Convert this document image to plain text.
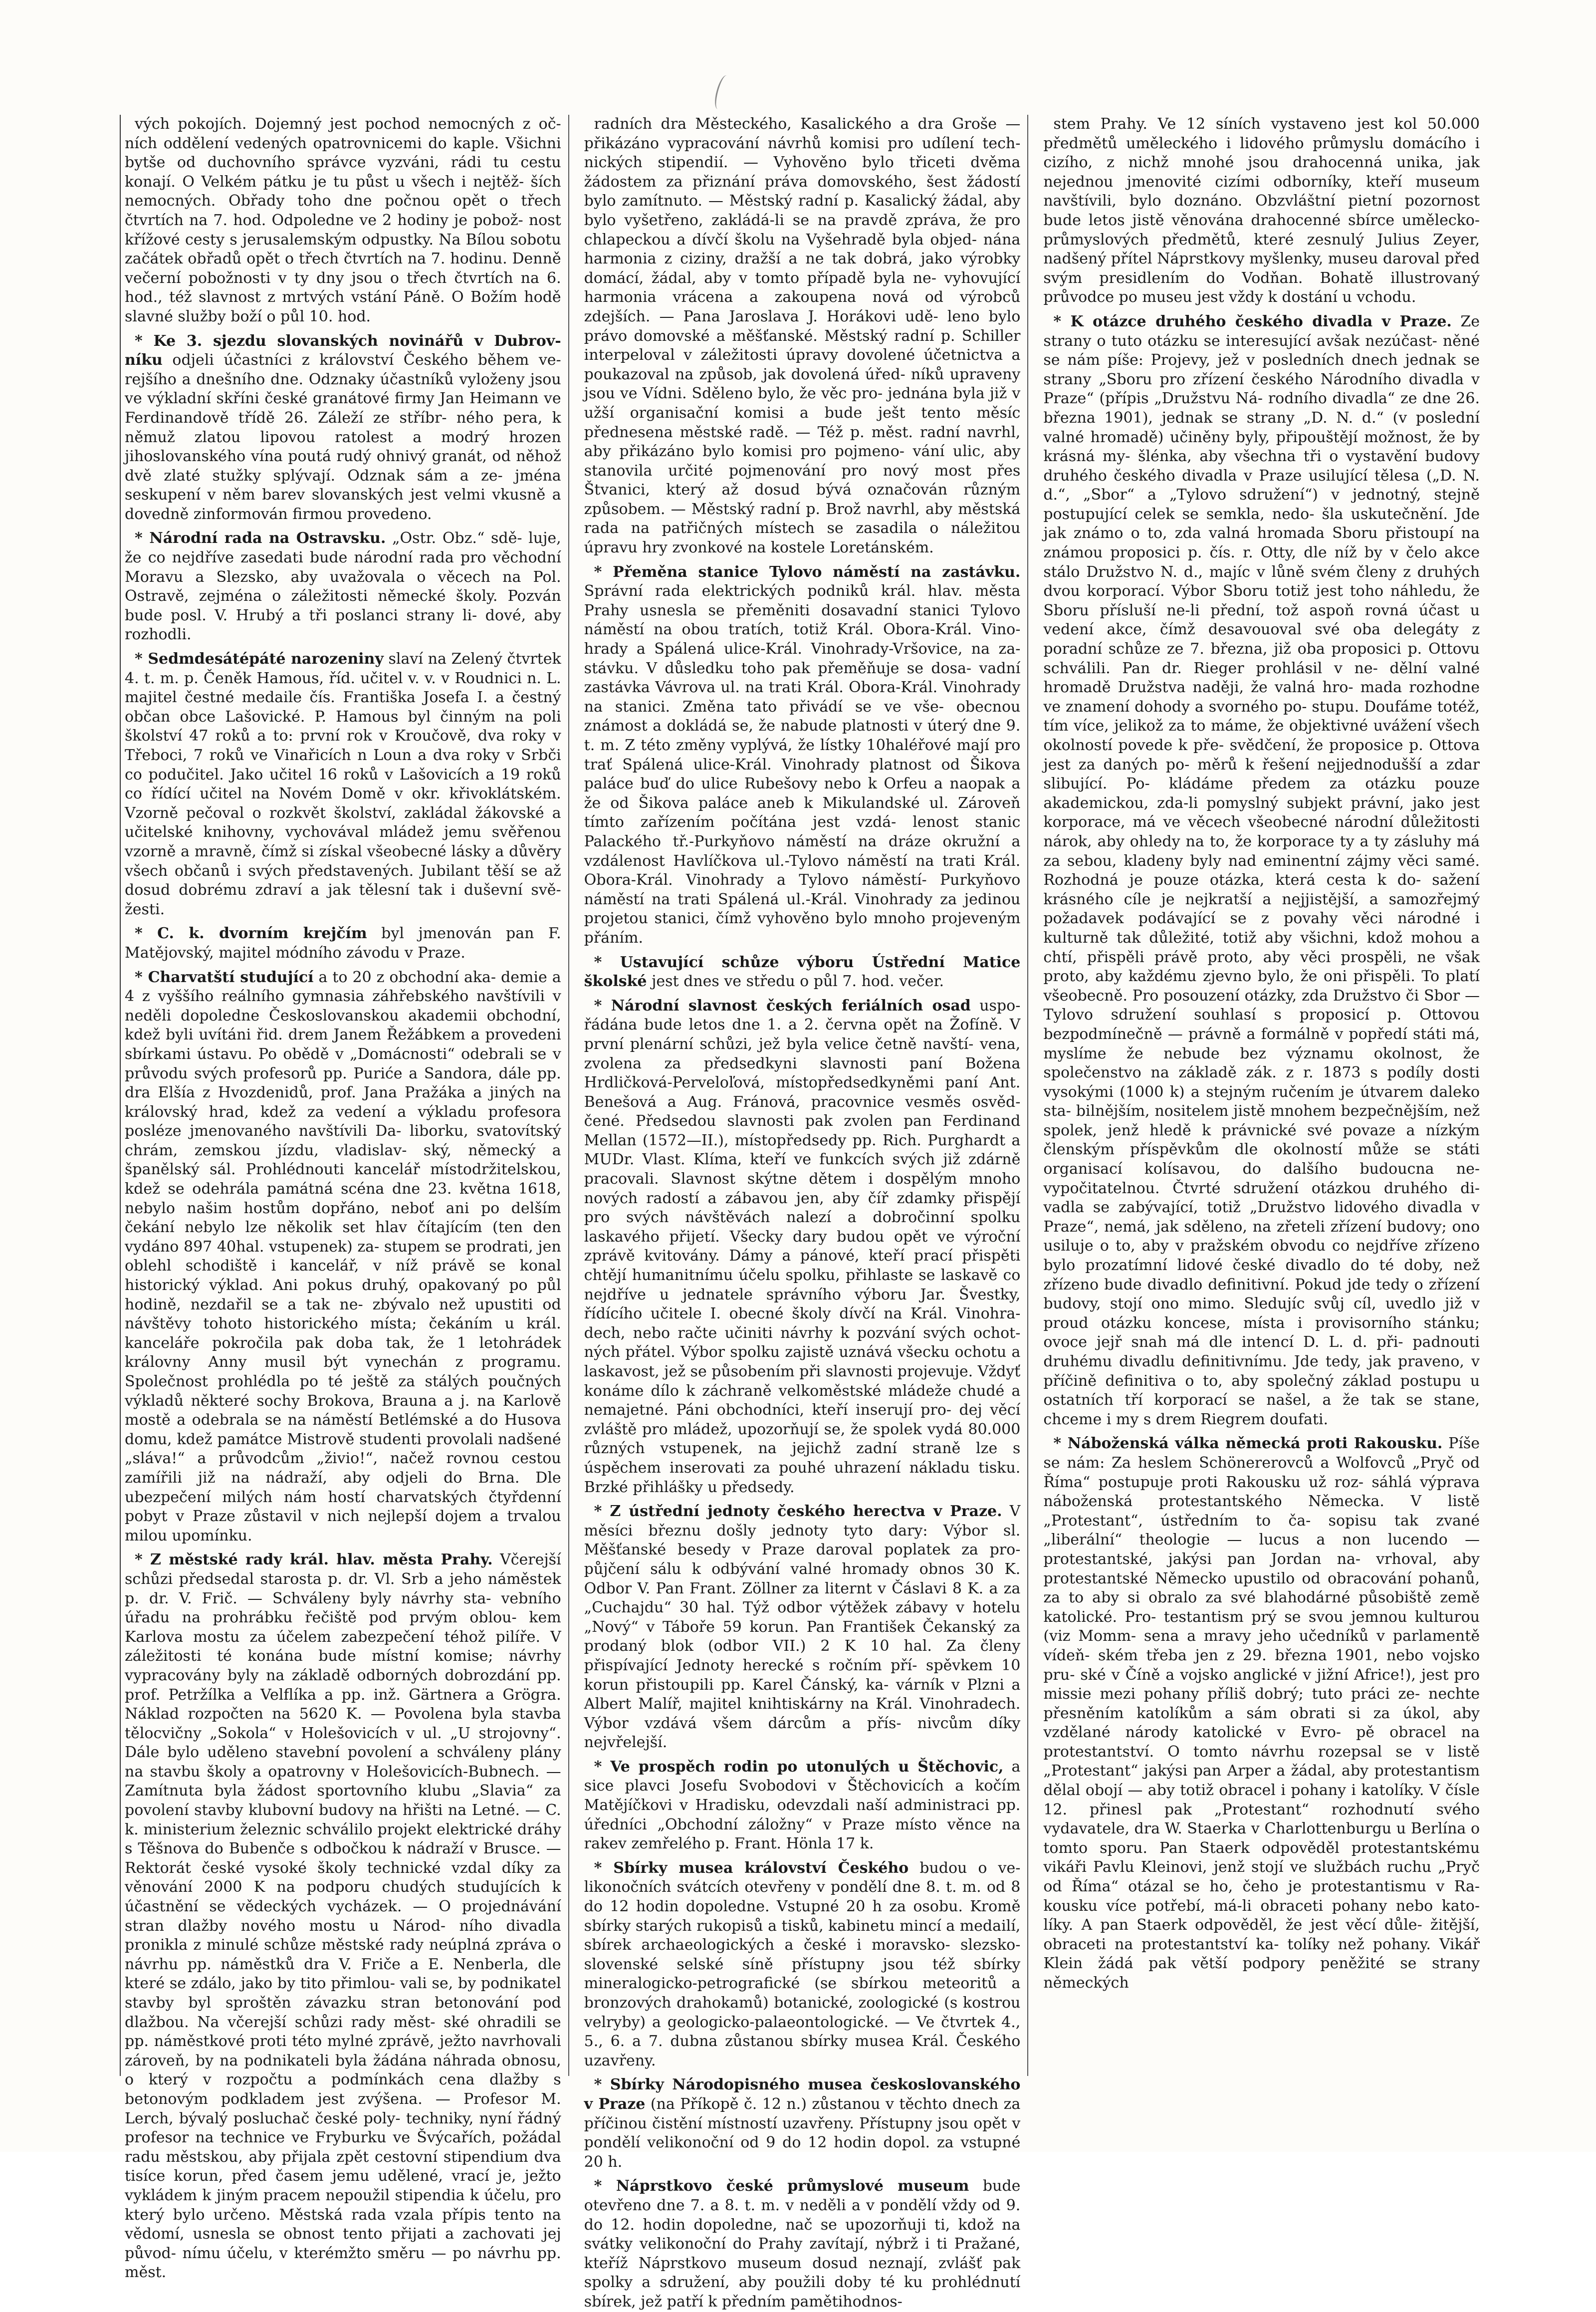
vých pokojích. Dojemný jest pochod nemocných z oč- ních oddělení vedených opatrovnicemi do kaple. Všichni bytše od duchovního správce vyzváni, rádi tu cestu konají. O Velkém pátku je tu půst u všech i nejtěž- ších nemocných. Obřady toho dne počnou opět o třech čtvrtích na 7. hod. Odpoledne ve 2 hodiny je pobož- nost křížové cesty s jerusalemským odpustky. Na Bílou sobotu začátek obřadů opět o třech čtvrtích na 7. hodinu. Denně večerní pobožnosti v ty dny jsou o třech čtvrtích na 6. hod., též slavnost z mrtvých vstání Páně. O Božím hodě slavné služby boží o půl 10. hod.

* Ke 3. sjezdu slovanských novinářů v Dubrov- níku odjeli účastníci z království Českého během ve- rejšího a dnešního dne. Odznaky účastníků vyloženy jsou ve výkladní skříni české granátové firmy Jan Heimann ve Ferdinandově třídě 26. Záleží ze stříbr- ného pera, k němuž zlatou lipovou ratolest a modrý hrozen jihoslovanského vína poutá rudý ohnivý granát, od něhož dvě zlaté stužky splývají. Odznak sám a ze- jména seskupení v něm barev slovanských jest velmi vkusně a dovedně zinformován firmou provedeno.

* Národní rada na Ostravsku. „Ostr. Obz.“ sdě- luje, že co nejdříve zasedati bude národní rada pro věchodní Moravu a Slezsko, aby uvažovala o věcech na Pol. Ostravě, zejména o záležitosti německé školy. Pozván bude posl. V. Hrubý a tři poslanci strany li- dové, aby rozhodli.

* Sedmdesátépáté narozeniny slaví na Zelený čtvrtek 4. t. m. p. Čeněk Hamous, říd. učitel v. v. v Roudnici n. L. majitel čestné medaile čís. Františka Josefa I. a čestný občan obce Lašovické. P. Hamous byl činným na poli školství 47 roků a to: první rok v Kroučově, dva roky v Třeboci, 7 roků ve Vinařicích n Loun a dva roky v Srbči co podučitel. Jako učitel 16 roků v Lašovicích a 19 roků co řídící učitel na Novém Domě v okr. křivoklátském. Vzorně pečoval o rozkvět školství, zakládal žákovské a učitelské knihovny, vychovával mládež jemu svěřenou vzorně a mravně, čímž si získal všeobecné lásky a důvěry všech občanů i svých představených. Jubilant těší se až dosud dobrému zdraví a jak tělesní tak i duševní svě- žesti.

* C. k. dvorním krejčím byl jmenován pan F. Matějovský, majitel módního závodu v Praze.

* Charvatští studující a to 20 z obchodní aka- demie a 4 z vyššího reálního gymnasia záhřebského navštívili v neděli dopoledne Českoslovanskou akademii obchodní, kdež byli uvítáni řid. drem Janem Řežábkem a provedeni sbírkami ústavu. Po obědě v „Domácnosti“ odebrali se v průvodu svých profesorů pp. Puriće a Sandora, dále pp. dra Elšía z Hvozdenidů, prof. Jana Pražáka a jiných na královský hrad, kdež za vedení a výkladu profesora posléze jmenovaného navštívili Da- liborku, svatovítský chrám, zemskou jízdu, vladislav- ský, německý a španělský sál. Prohlédnouti kancelář místodržitelskou, kdež se odehrála památná scéna dne 23. května 1618, nebylo našim hostům dopřáno, neboť ani po delším čekání nebylo lze několik set hlav čítajícím (ten den vydáno 897 40hal. vstupenek) za- stupem se prodrati, jen oblehl schodiště i kancelář, v níž právě se konal historický výklad. Ani pokus druhý, opakovaný po půl hodině, nezdařil se a tak ne- zbývalo než upustiti od návštěvy tohoto historického místa; čekáním u král. kanceláře pokročila pak doba tak, že 1 letohrádek královny Anny musil být vynechán z programu. Společnost prohlédla po té ještě za stálých poučných výkladů některé sochy Brokova, Brauna a j. na Karlově mostě a odebrala se na náměstí Betlémské a do Husova domu, kdež památce Mistrově studenti provolali nadšené „sláva!“ a průvodcům „živio!“, načež rovnou cestou zamířili již na nádraží, aby odjeli do Brna. Dle ubezpečení milých nám hostí charvatských čtyřdenní pobyt v Praze zůstavil v nich nejlepší dojem a trvalou milou upomínku.

* Z městské rady král. hlav. města Prahy. Včerejší schůzi předsedal starosta p. dr. Vl. Srb a jeho náměstek p. dr. V. Frič. — Schváleny byly návrhy sta- vebního úřadu na prohrábku řečiště pod prvým oblou- kem Karlova mostu za účelem zabezpečení téhož pilíře. V záležitosti té konána bude místní komise; návrhy vypracovány byly na základě odborných dobrozdání pp. prof. Petržílka a Velflíka a pp. inž. Gärtnera a Grögra. Náklad rozpočten na 5620 K. — Povolena byla stavba tělocvičny „Sokola“ v Holešovicích v ul. „U strojovny“. Dále bylo uděleno stavební povolení a schváleny plány na stavbu školy a opatrovny v Holešovicích-Bubnech. — Zamítnuta byla žádost sportovního klubu „Slavia“ za povolení stavby klubovní budovy na hřišti na Letné. — C. k. ministerium železnic schválilo projekt elektrické dráhy s Těšnova do Bubenče s odbočkou k nádraží v Bruscе. — Rektorát české vysoké školy technické vzdal díky za věnování 2000 K na podporu chudých studujících k účastnění se vědeckých vycházek. — O projednávání stran dlažby nového mostu u Národ- ního divadla pronikla z minulé schůze městské rady neúplná zpráva o návrhu pp. náměstků dra V. Friče a E. Nenberla, dle které se zdálo, jako by tito přimlou- vali se, by podnikatel stavby byl sproštěn závazku stran betonování pod dlažbou. Na včerejší schůzi rady měst- ské ohradili se pp. náměstkové proti této mylné zprávě, ježto navrhovali zároveň, by na podnikateli byla žádána náhrada obnosu, o který v rozpočtu a podmínkách cena dlažby s betonovým podkladem jest zvýšena. — Profesor M. Lerch, bývalý posluchač české poly- techniky, nyní řádný profesor na technice ve Fryburku ve Švýcařích, požádal radu městskou, aby přijala zpět cestovní stipendium dva tisíce korun, před časem jemu udělené, vrací je, ježto vykládem k jiným pracem nepoužil stipendia k účelu, pro který bylo určeno. Městská rada vzala přípis tento na vědomí, usnesla se obnost tento přijati a zachovati jej původ- nímu účelu, v kterémžto směru — po návrhu pp. měst.

radních dra Městeckého, Kasalického a dra Groše — přikázáno vypracování návrhů komisi pro udílení tech- nických stipendií. — Vyhověno bylo třiceti dvěma žádostem za přiznání práva domovského, šest žádostí bylo zamítnuto. — Městský radní p. Kasalický žádal, aby bylo vyšetřeno, zakládá-li se na pravdě zpráva, že pro chlapeckou a dívčí školu na Vyšehradě byla objed- nána harmonia z ciziny, dražší a ne tak dobrá, jako výrobky domácí, žádal, aby v tomto případě byla ne- vyhovující harmonia vrácena a zakoupena nová od výrobců zdejších. — Pana Jaroslava J. Horákovi udě- leno bylo právo domovské a měšťanské. Městský radní p. Schiller interpeloval v záležitosti úpravy dovolené účetnictva a poukazoval na způsob, jak dovolená úřed- níků upraveny jsou ve Vídni. Sděleno bylo, že věc pro- jednána byla již v užší organisační komisi a bude ješt tento měsíc přednesena městské radě. — Též p. měst. radní navrhl, aby přikázáno bylo komisi pro pojmeno- vání ulic, aby stanovila určité pojmenování pro nový most přes Štvanici, který až dosud bývá označován různým způsobem. — Městský radní p. Brož navrhl, aby městská rada na patřičných místech se zasadila o náležitou úpravu hry zvonkové na kostele Loretánském.

* Přeměna stanice Tylovo náměstí na zastávku. Správní rada elektrických podniků král. hlav. města Prahy usnesla se přeměniti dosavadní stanici Tylovo náměstí na obou tratích, totiž Král. Obora-Král. Vino- hrady a Spálená ulice-Král. Vinohrady-Vršovice, na za- stávku. V důsledku toho pak přeměňuje se dosa- vadní zastávka Vávrova ul. na trati Král. Obora-Král. Vinohrady na stanici. Změna tato přivádí se ve vše- obecnou známost a dokládá se, že nabude platnosti v úterý dne 9. t. m. Z této změny vyplývá, že lístky 10haléřové mají pro trať Spálená ulice-Král. Vinohrady platnost od Šikova paláce buď do ulice Rubešovy nebo k Orfeu a naopak a že od Šikova paláce aneb k Mikulandské ul. Zároveň tímto zařízením počítána jest vzdá- lenost stanic Palackého tř.-Purkyňovo náměstí na dráze okružní a vzdálenost Havlíčkova ul.-Tylovo náměstí na trati Král. Obora-Král. Vinohrady a Tylovo náměstí- Purkyňovo náměstí na trati Spálená ul.-Král. Vinohrady za jedinou projetou stanici, čímž vyhověno bylo mnoho projeveným přáním.

* Ustavující schůze výboru Ústřední Matice školské jest dnes ve středu o půl 7. hod. večer.

* Národní slavnost českých feriálních osad uspo- řádána bude letos dne 1. a 2. června opět na Žofíně. V první plenární schůzi, jež byla velice četně navští- vena, zvolena za předsedkyni slavnosti paní Božena Hrdličková-Perveloľová, místopředsedkyněmi paní Ant. Benešová a Aug. Fránová, pracovnice vesměs osvěd- čené. Předsedou slavnosti pak zvolen pan Ferdinand Mellan (1572—II.), místopředsedy pp. Rich. Purghardt a MUDr. Vlast. Klíma, kteří ve funkcích svých již zdárně pracovali. Slavnost skýtne dětem i dospělým mnoho nových radostí a zábavou jen, aby číř zdamky přispějí pro svých návštěvách nalezí a dobročinní spolku laskavého přijetí. Všecky dary budou opět ve výroční zprávě kvitovány. Dámy a pánové, kteří prací přispěti chtějí humanitnímu účelu spolku, přihlaste se laskavě co nejdříve u jednatele správního výboru Jar. Švestky, řídícího učitele I. obecné školy dívčí na Král. Vinohra- dech, nebo račte učiniti návrhy k pozvání svých ochot- ných přátel. Výbor spolku zajistě uznává všecku ochotu a laskavost, jež se působením při slavnosti projevuje. Vždyť konáme dílo k záchraně velkoměstské mládeže chudé a nemajetné. Páni obchodníci, kteří inserují pro- dej věcí zvláště pro mládež, upozorňují se, že spolek vydá 80.000 různých vstupenek, na jejichž zadní straně lze s úspěchem inserovati za pouhé uhrazení nákladu tisku. Brzké přihlášky u předsedy.

* Z ústřední jednoty českého herectva v Praze. V měsíci březnu došly jednoty tyto dary: Výbor sl. Měšťanské besedy v Praze daroval poplatek za pro- půjčení sálu k odbývání valné hromady obnos 30 K. Odbor V. Pan Frant. Zöllner za liternt v Čáslavi 8 K. a za „Cuchajdu“ 30 hal. Týž odbor výtěžek zábavy v hotelu „Nový“ v Táboře 59 korun. Pan František Čekanský za prodaný blok (odbor VII.) 2 K 10 hal. Za členy přispívající Jednoty herecké s ročním pří- spěvkem 10 korun přistoupili pp. Karel Čánský, ka- várník v Plzni a Albert Malíř, majitel knihtiskárny na Král. Vinohradech. Výbor vzdává všem dárcům a přís- nivcům díky nejvřelejší.

* Ve prospěch rodin po utonulých u Štěchovic, a sice plavci Josefu Svobodovi v Štěchovicích a kočím Matějíčkovi v Hradisku, odevzdali naší administraci pp. úředníci „Obchodní záložny“ v Praze místo věnce na rakev zemřelého p. Frant. Hönla 17 k.

* Sbírky musea království Českého budou o ve- likonočních svátcích otevřeny v pondělí dne 8. t. m. od 8 do 12 hodin dopoledne. Vstupné 20 h za osobu. Kromě sbírky starých rukopisů a tisků, kabinetu mincí a medailí, sbírek archaeologických a české i moravsko- slezsko-slovenské selské síně přístupny jsou též sbírky mineralogicko-petrografické (se sbírkou meteoritů a bronzových drahokamů) botanické, zoologické (s kostrou velryby) a geologicko-palaeontologické. — Ve čtvrtek 4., 5., 6. a 7. dubna zůstanou sbírky musea Král. Českého uzavřeny.

* Sbírky Národopisného musea českoslovanského v Praze (na Příkopě č. 12 n.) zůstanou v těchto dnech za příčinou čistění místností uzavřeny. Přístupny jsou opět v pondělí velikonoční od 9 do 12 hodin dopol. za vstupné 20 h.

* Náprstkovo české průmyslové museum bude otevřeno dne 7. a 8. t. m. v neděli a v pondělí vždy od 9. do 12. hodin dopoledne, nač se upozorňuji ti, kdož na svátky velikonoční do Prahy zavítají, nýbrž i ti Pražané, kteříž Náprstkovo museum dosud neznají, zvlášť pak spolky a sdružení, aby použili doby té ku prohlédnutí sbírek, jež patří k předním pamětihodnos-

stem Prahy. Ve 12 síních vystaveno jest kol 50.000 předmětů uměleckého i lidového průmyslu domácího i cizího, z nichž mnohé jsou drahocenná unika, jak nejednou jmenovité cizími odborníky, kteří museum navštívili, bylo doznáno. Obzvláštní pietní pozornost bude letos jistě věnována drahocenné sbírce umělecko- průmyslových předmětů, které zesnulý Julius Zeyer, nadšený přítel Náprstkovy myšlenky, museu daroval před svým presidlením do Vodňan. Bohatě illustrovaný průvodce po museu jest vždy k dostání u vchodu.

* K otázce druhého českého divadla v Praze. Ze strany o tuto otázku se interesující avšak nezúčast- něné se nám píše: Projevy, jež v posledních dnech jednak se strany „Sboru pro zřízení českého Národního divadla v Praze“ (přípis „Družstvu Ná- rodního divadla“ ze dne 26. března 1901), jednak se strany „D. N. d.“ (v poslední valné hromadě) učiněny byly, připouštějí možnost, že by krásná my- šlénka, aby všechna tři o vystavění budovy druhého českého divadla v Praze usilující tělesa („D. N. d.“, „Sbor“ a „Tylovo sdružení“) v jednotný, stejně postupující celek se semkla, nedo- šla uskutečnění. Jde jak známo o to, zda valná hromada Sboru přistoupí na známou proposici p. čís. r. Otty, dle níž by v čelo akce stálo Družstvo N. d., majíc v lůně svém členy z druhých dvou korporací. Výbor Sboru totiž jest toho náhledu, že Sboru přísluší ne-li přední, tož aspoň rovná účast u vedení akce, čímž desavouoval své oba delegáty z poradní schůze ze 7. března, již oba proposici p. Ottovu schválili. Pan dr. Rieger prohlásil v ne- dělní valné hromadě Družstva naději, že valná hro- mada rozhodne ve znamení dohody a svorného po- stupu. Doufáme totéž, tím více, jelikož za to máme, že objektivné uvážení všech okolností povede k pře- svědčení, že proposice p. Ottova jest za daných po- měrů k řešení nejjednodušší a zdar slibující. Po- kládáme předem za otázku pouze akademickou, zda-li pomyslný subjekt právní, jako jest korporace, má ve věcech všeobecné národní důležitosti nárok, aby ohledy na to, že korporace ty a ty zásluhy má za sebou, kladeny byly nad eminentní zájmy věci samé. Rozhodná je pouze otázka, která cesta k do- sažení krásného cíle je nejkratší a nejjistější, a samozřejmý požadavek podávající se z povahy věci národné i kulturně tak důležité, totiž aby všichni, kdož mohou a chtí, přispěli právě proto, aby věci prospěli, ne však proto, aby každému zjevno bylo, že oni přispěli. To platí všeobecně. Pro posouzení otázky, zda Družstvo či Sbor — Tylovo sdružení souhlasí s proposicí p. Ottovou bezpodmínečně — právně a formálně v popředí státi má, myslíme že nebude bez významu okolnost, že společenstvo na základě zák. z r. 1873 s podíly dosti vysokými (1000 k) a stejným ručením je útvarem daleko sta- bilnějším, nositelem jistě mnohem bezpečnějším, než spolek, jenž hledě k právnické své povaze a nízkým členským příspěvkům dle okolností může se státi organisací kolísavou, do dalšího budoucna ne- vypočitatelnou. Čtvrté sdružení otázkou druhého di- vadla se zabývající, totiž „Družstvo lidového divadla v Praze“, nemá, jak sděleno, na zřeteli zřízení budovy; ono usiluje o to, aby v pražském obvodu co nejdříve zřízeno bylo prozatímní lidové české divadlo do té doby, než zřízeno bude divadlo definitivní. Pokud jde tedy o zřízení budovy, stojí ono mimo. Sledujíc svůj cíl, uvedlo již v proud otázku koncese, místa i provisorního stánku; ovoce jejř snah má dle intencí D. L. d. při- padnouti druhému divadlu definitivnímu. Jde tedy, jak praveno, v příčině definitiva o to, aby společný základ postupu u ostatních tří korporací se našel, a že tak se stane, chceme i my s drem Riegrem doufati.

* Náboženská válka německá proti Rakousku. Píše se nám: Za heslem Schönererovců a Wolfovců „Pryč od Říma“ postupuje proti Rakousku už roz- sáhlá výprava náboženská protestantského Německa. V listě „Protestant“, ústředním to ča- sopisu tak zvané „liberální“ theologie — lucus a non lucendo — protestantské, jakýsi pan Jordan na- vrhoval, aby protestantské Německo upustilo od obracování pohanů, za to aby si obralo za své blahodárné působiště země katolické. Pro- testantism prý se svou jemnou kulturou (viz Momm- sena a mravy jeho učedníků v parlamentě vídeň- ském třeba jen z 29. března 1901, nebo vojsko pru- ské v Číně a vojsko anglické v jižní Africe!), jest pro missie mezi pohany příliš dobrý; tuto práci ze- nechte přesněním katolíkům a sám obrati si za úkol, aby vzdělané národy katolické v Evro- pě obracel na protestantství. O tomto návrhu rozepsal se v listě „Protestant“ jakýsi pan Arper a žádal, aby protestantism dělal obojí — aby totiž obracel i pohany i katolíky. V čísle 12. přinesl pak „Protestant“ rozhodnutí svého vydavatele, dra W. Staerka v Charlottenburgu u Berlína o tomto sporu. Pan Staerk odpověděl protestantskému vikáři Pavlu Kleinovi, jenž stojí ve službách ruchu „Pryč od Říma“ otázal se ho, čeho je protestantismu v Ra- kousku více potřebí, má-li obraceti pohany nebo kato- líky. A pan Staerk odpověděl, že jest věcí důle- žitější, obraceti na protestantství ka- tolíky než pohany. Vikář Klein žádá pak větší podpory peněžité se strany německých
